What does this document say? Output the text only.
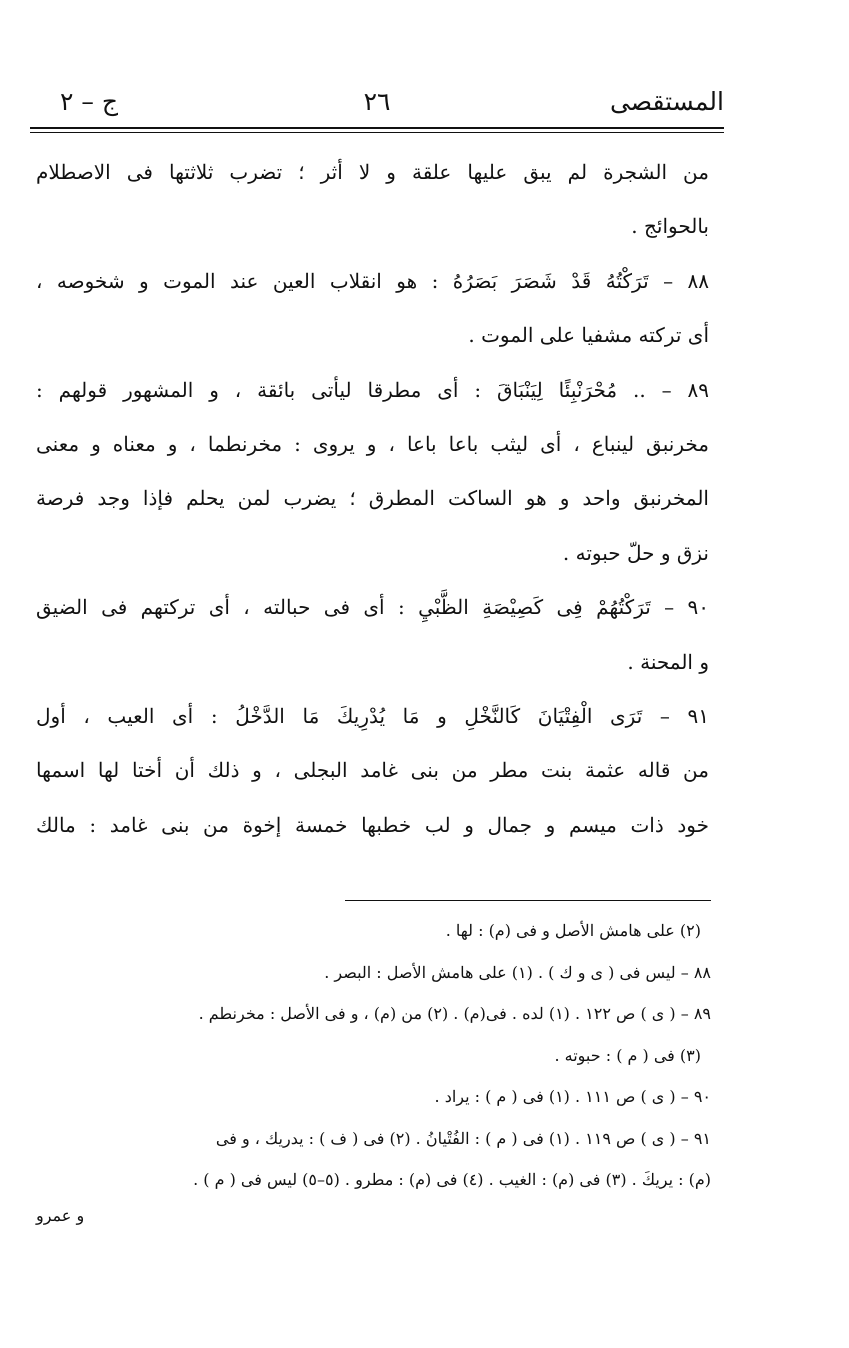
المستقصى
٢٦
ج – ٢
من الشجرة لم يبق عليها علقة و لا أثر ؛ تضرب ثلاثتها فى الاصطلام
بالحوائج .
٨٨ – تَرَكْتُهُ قَدْ شَصَرَ بَصَرُهُ : هو انقلاب العين عند الموت و شخوصه ،
أى تركته مشفيا على الموت .
٨٩ – .. مُحْرَنْبِئًا لِيَنْبَاقَ : أى مطرقا ليأتى بائقة ، و المشهور قولهم :
مخرنبق لينباع ، أى ليثب باعا باعا ، و يروى : مخرنطما ، و معناه و معنى
المخرنبق واحد و هو الساكت المطرق ؛ يضرب لمن يحلم فإذا وجد فرصة
نزق و حلّ حبوته .
٩٠ – تَرَكْتُهُمْ فِى كَصِيْصَةِ الظَّبْيِ : أى فى حبالته ، أى تركتهم فى الضيق
و المحنة .
٩١ – تَرَى الْفِتْيَانَ كَالنَّخْلِ و مَا يُدْرِيكَ مَا الدَّخْلُ : أى العيب ، أول
من قاله عثمة بنت مطر من بنى غامد البجلى ، و ذلك أن أختا لها اسمها
خود ذات ميسم و جمال و لب خطبها خمسة إخوة من بنى غامد : مالك
(٢) على هامش الأصل و فى (م) : لها .
٨٨ – ليس فى ( ى و ك ) . (١) على هامش الأصل : البصر .
٨٩ – ( ى ) ص ١٢٢ . (١) لده . فى(م) . (٢) من (م) ، و فى الأصل : مخرنطم .
(٣) فى ( م ) : حبوته .
٩٠ – ( ى ) ص ١١١ . (١) فى ( م ) : يراد .
٩١ – ( ى ) ص ١١٩ . (١) فى ( م ) : الفُتْيانُ . (٢) فى ( ف ) : يدريك ، و فى
(م) : يريكَ . (٣) فى (م) : الغيب . (٤) فى (م) : مطرو . (٥–٥) ليس فى ( م ) .
و عمرو
